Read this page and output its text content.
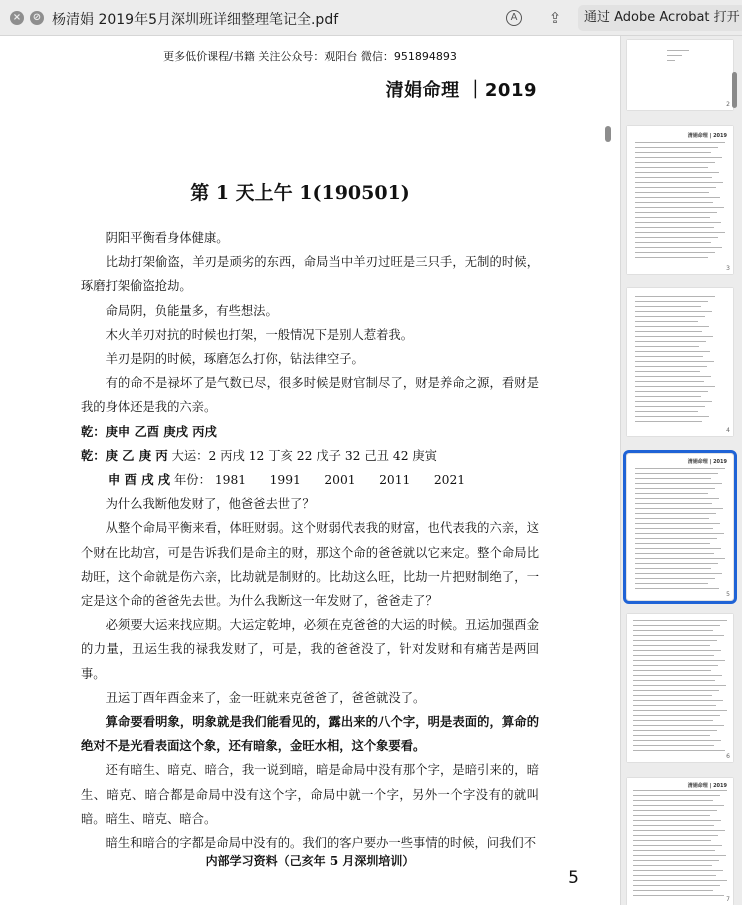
× ⊘ 杨清娟 2019年5月深圳班详细整理笔记全.pdf	A	⇪	通过 Adobe Acrobat 打开
更多低价课程/书籍 关注公众号：观阳台 微信：951894893
清娟命理 ｜2019
第 1 天上午 1(190501)
阴阳平衡看身体健康。
比劫打架偷盗，羊刃是顽劣的东西，命局当中羊刃过旺是三只手，无制的时候，琢磨打架偷盗抢劫。
命局阴，负能量多，有些想法。
木火羊刃对抗的时候也打架，一般情况下是别人惹着我。
羊刃是阴的时候，琢磨怎么打你，钻法律空子。
有的命不是禄坏了是气数已尽，很多时候是财官制尽了，财是养命之源，看财是我的身体还是我的六亲。
乾：庚申 乙酉 庚戌 丙戌
乾：庚 乙 庚 丙 大运：2 丙戌 12 丁亥 22 戊子 32 己丑 42 庚寅
申 酉 戌 戌 年份： 1981      1991      2001      2011      2021
为什么我断他发财了，他爸爸去世了？
从整个命局平衡来看，体旺财弱。这个财弱代表我的财富，也代表我的六亲，这个财在比劫宫，可是告诉我们是命主的财，那这个命的爸爸就以它来定。整个命局比劫旺，这个命就是伤六亲，比劫就是制财的。比劫这么旺，比劫一片把财制绝了，一定是这个命的爸爸先去世。为什么我断这一年发财了，爸爸走了？
必须要大运来找应期。大运定乾坤，必须在克爸爸的大运的时候。丑运加强酉金的力量，丑运生我的禄我发财了，可是，我的爸爸没了，针对发财和有痛苦是两回事。
丑运丁酉年酉金来了，金一旺就来克爸爸了，爸爸就没了。
算命要看明象，明象就是我们能看见的，露出来的八个字，明是表面的，算命的绝对不是光看表面这个象，还有暗象，金旺水相，这个象要看。
还有暗生、暗克、暗合，我一说到暗，暗是命局中没有那个字，是暗引来的，暗生、暗克、暗合都是命局中没有这个字，命局中就一个字，另外一个字没有的就叫暗。暗生、暗克、暗合。
暗生和暗合的字都是命局中没有的。我们的客户要办一些事情的时候，问我们不
内部学习资料（己亥年 5 月深圳培训）
5
2
清娟命理 | 2019
3
4
清娟命理 | 2019
5
6
清娟命理 | 2019
7
